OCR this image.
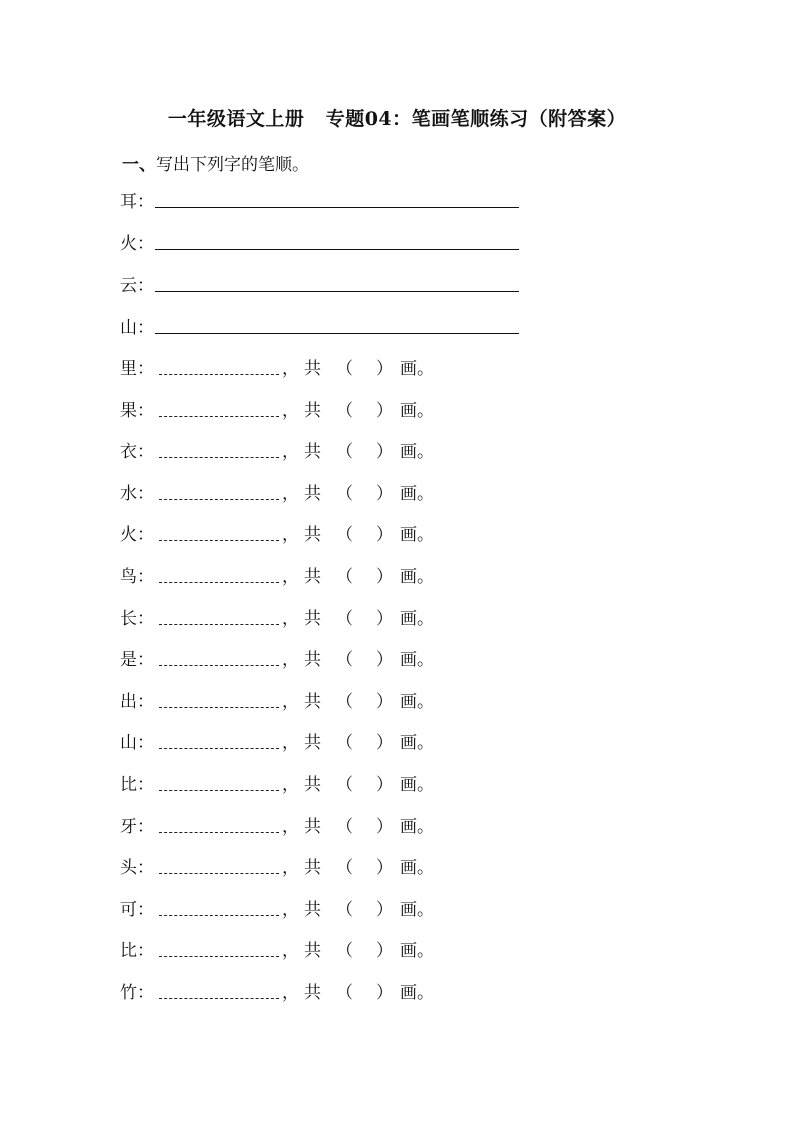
一年级语文上册   专题04：笔画笔顺练习（附答案）
一、写出下列字的笔顺。
耳 ：
火 ：
云 ：
山 ：
里 ：	， 共 （	） 画。
果 ：	， 共 （	） 画。
衣 ：	， 共 （	） 画。
水 ：	， 共 （	） 画。
火 ：	， 共 （	） 画。
鸟 ：	， 共 （	） 画。
长 ：	， 共 （	） 画。
是 ：	， 共 （	） 画。
出 ：	， 共 （	） 画。
山 ：	， 共 （	） 画。
比 ：	， 共 （	） 画。
牙 ：	， 共 （	） 画。
头 ：	， 共 （	） 画。
可 ：	， 共 （	） 画。
比 ：	， 共 （	） 画。
竹 ：	， 共 （	） 画。
